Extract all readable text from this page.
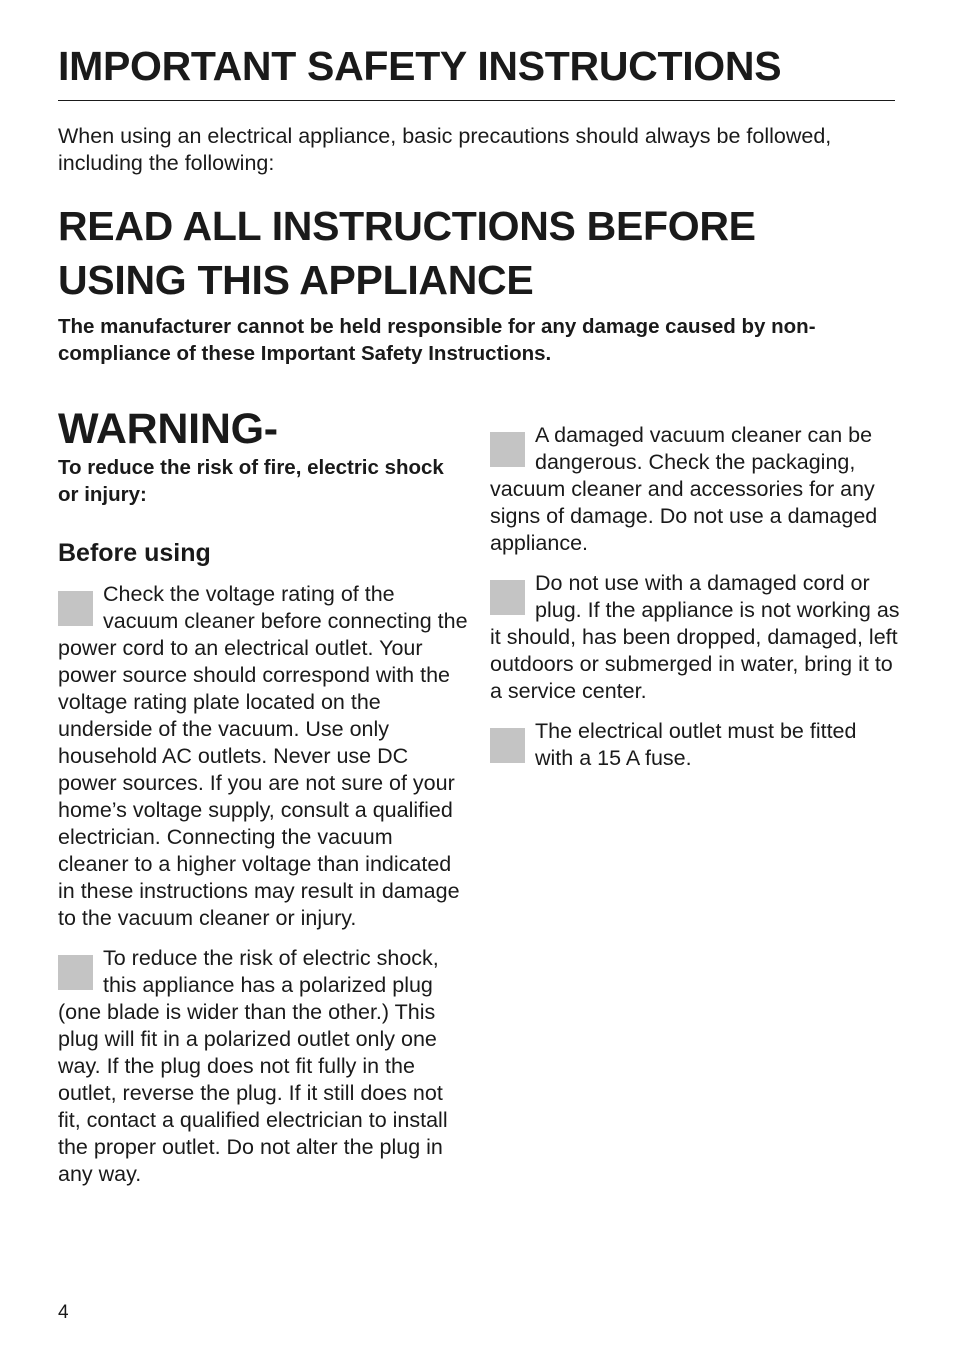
IMPORTANT SAFETY INSTRUCTIONS

When using an electrical appliance, basic precautions should always be followed, including the following:

READ ALL INSTRUCTIONS BEFORE
USING THIS APPLIANCE

The manufacturer cannot be held responsible for any damage caused by non-compliance of these Important Safety Instructions.

WARNING-

To reduce the risk of fire, electric shock or injury:

Before using
Check the voltage rating of the vacuum cleaner before connecting the power cord to an electrical outlet. Your power source should correspond with the voltage rating plate located on the underside of the vacuum. Use only household AC outlets. Never use DC power sources. If you are not sure of your home’s voltage supply, consult a qualified electrician. Connecting the vacuum cleaner to a higher voltage than indicated in these instructions may result in damage to the vacuum cleaner or injury.
To reduce the risk of electric shock, this appliance has a polarized plug (one blade is wider than the other.) This plug will fit in a polarized outlet only one way. If the plug does not fit fully in the outlet, reverse the plug. If it still does not fit, contact a qualified electrician to install the proper outlet. Do not alter the plug in any way.
A damaged vacuum cleaner can be dangerous. Check the packaging, vacuum cleaner and accessories for any signs of damage. Do not use a damaged appliance.
Do not use with a damaged cord or plug. If the appliance is not working as it should, has been dropped, damaged, left outdoors or submerged in water, bring it to a service center.
The electrical outlet must be fitted with a 15 A fuse.

4
